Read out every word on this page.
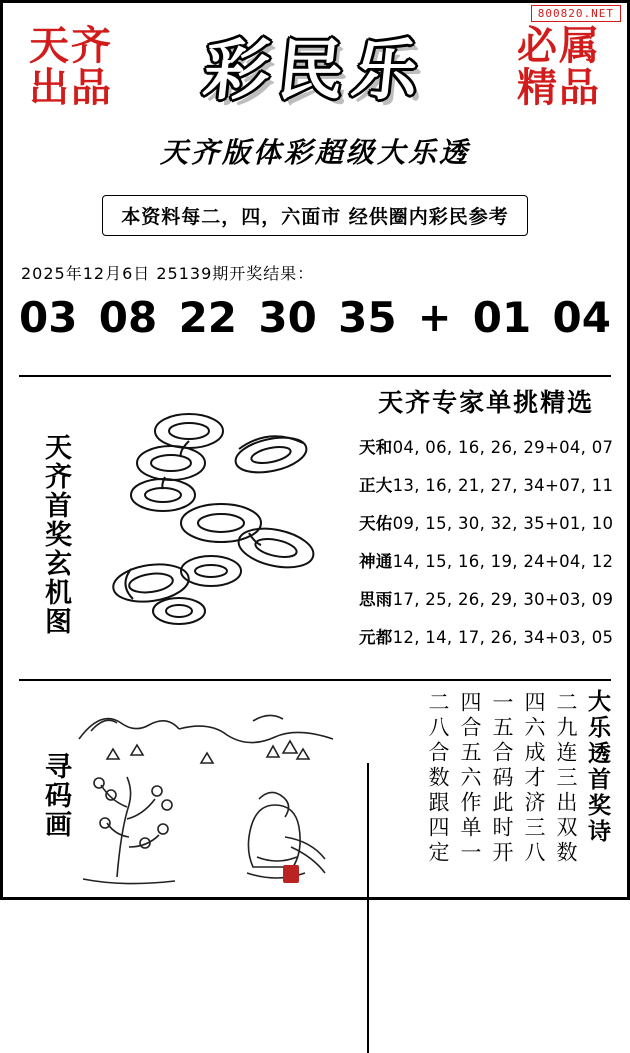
800820.NET
天齐
出品
必属
精品
彩民乐
天齐版体彩超级大乐透
本资料每二，四，六面市 经供圈内彩民参考
2025年12月6日 25139期开奖结果：
03 08 22 30 35 + 01 04
天齐首奖玄机图
天齐专家单挑精选
天和04, 06, 16, 26, 29+04, 07
正大13, 16, 21, 27, 34+07, 11
天佑09, 15, 30, 32, 35+01, 10
神通14, 15, 16, 19, 24+04, 12
思雨17, 25, 26, 29, 30+03, 09
元都12, 14, 17, 26, 34+03, 05
寻码画	大乐透首奖诗
二九连三出双数
四六成才济三八
一五合码此时开
四合五六作单一
二八合数跟四定
